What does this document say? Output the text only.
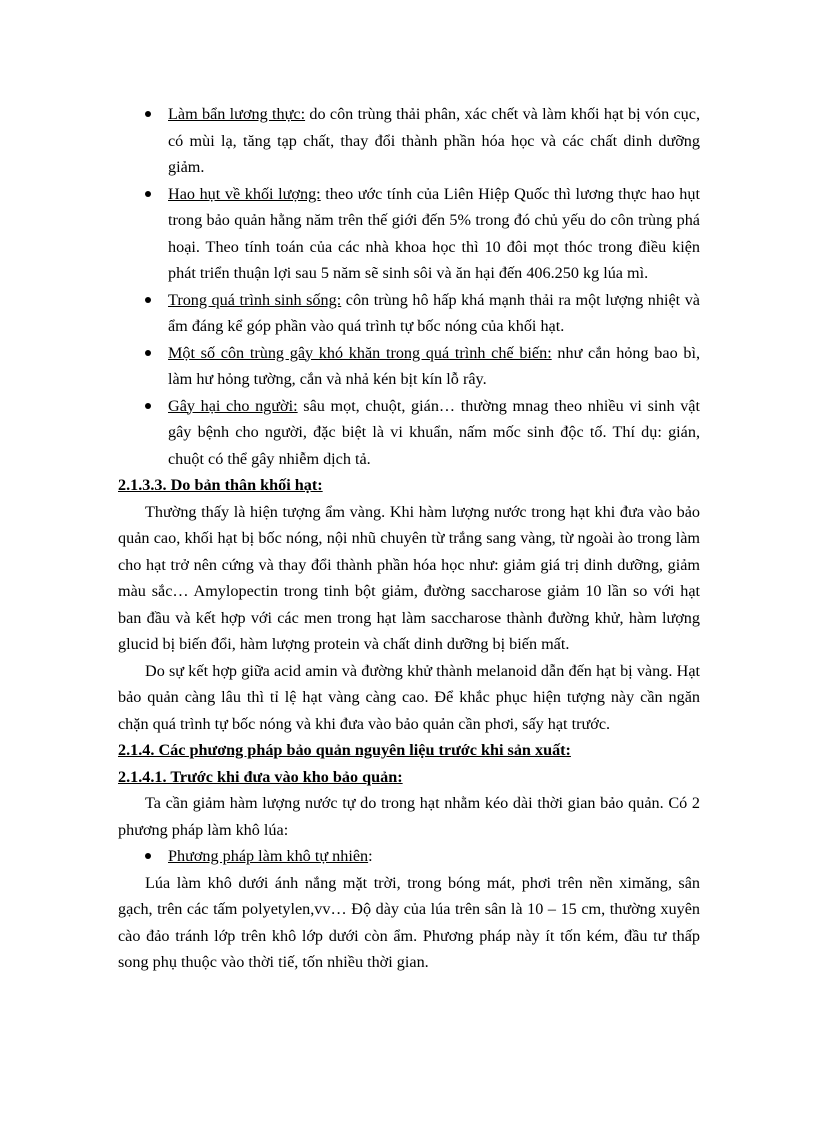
Làm bẩn lương thực: do côn trùng thải phân, xác chết và làm khối hạt bị vón cục, có mùi lạ, tăng tạp chất, thay đổi thành phần hóa học và các chất dinh dưỡng giảm.
Hao hụt về khối lượng: theo ước tính của Liên Hiệp Quốc thì lương thực hao hụt trong bảo quản hằng năm trên thế giới đến 5% trong đó chủ yếu do côn trùng phá hoại. Theo tính toán của các nhà khoa học thì 10 đôi mọt thóc trong điều kiện phát triển thuận lợi sau 5 năm sẽ sinh sôi và ăn hại đến 406.250 kg lúa mì.
Trong quá trình sinh sống: côn trùng hô hấp khá mạnh thải ra một lượng nhiệt và ẩm đáng kể góp phần vào quá trình tự bốc nóng của khối hạt.
Một số côn trùng gây khó khăn trong quá trình chế biến: như cắn hỏng bao bì, làm hư hỏng tường, cắn và nhả kén bịt kín lỗ rây.
Gây hại cho người: sâu mọt, chuột, gián… thường mnag theo nhiều vi sinh vật gây bệnh cho người, đặc biệt là vi khuẩn, nấm mốc sinh độc tố. Thí dụ: gián, chuột có thể gây nhiễm dịch tả.
2.1.3.3. Do bản thân khối hạt:

Thường thấy là hiện tượng ẩm vàng. Khi hàm lượng nước trong hạt khi đưa vào bảo quản cao, khối hạt bị bốc nóng, nội nhũ chuyên từ trắng sang vàng, từ ngoài ào trong làm cho hạt trở nên cứng và thay đổi thành phần hóa học như: giảm giá trị dinh dưỡng, giảm màu sắc… Amylopectin trong tinh bột giảm, đường saccharose giảm 10 lần so với hạt ban đầu và kết hợp với các men trong hạt làm saccharose thành đường khử, hàm lượng glucid bị biến đổi, hàm lượng protein và chất dinh dưỡng bị biến mất.

Do sự kết hợp giữa acid amin và đường khử thành melanoid dẫn đến hạt bị vàng. Hạt bảo quản càng lâu thì tỉ lệ hạt vàng càng cao. Để khắc phục hiện tượng này cần ngăn chặn quá trình tự bốc nóng và khi đưa vào bảo quản cần phơi, sấy hạt trước.

2.1.4. Các phương pháp bảo quản nguyên liệu trước khi sản xuất:
2.1.4.1. Trước khi đưa vào kho bảo quản:

Ta cần giảm hàm lượng nước tự do trong hạt nhằm kéo dài thời gian bảo quản. Có 2 phương pháp làm khô lúa:

Phương pháp làm khô tự nhiên:

Lúa làm khô dưới ánh nắng mặt trời, trong bóng mát, phơi trên nền ximăng, sân gạch, trên các tấm polyetylen,vv… Độ dày của lúa trên sân là 10 – 15 cm, thường xuyên cào đảo tránh lớp trên khô lớp dưới còn ẩm. Phương pháp này ít tốn kém, đầu tư thấp song phụ thuộc vào thời tiế, tốn nhiều thời gian.
